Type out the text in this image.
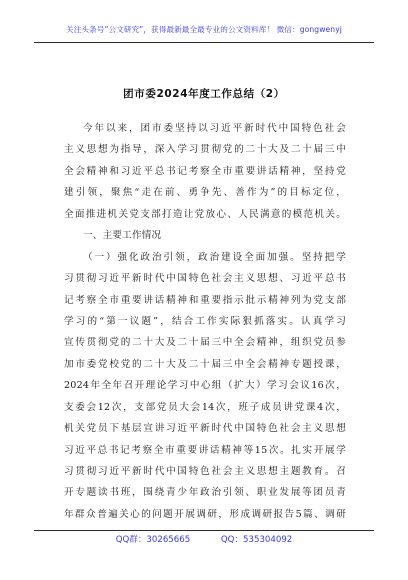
关注头条号“公文研究”，获得最新最全最专业的公文资料库！ 微信：gongwenyj
团市委2024年度工作总结（2）
今年以来，团市委坚持以习近平新时代中国特色社会
主义思想为指导，深入学习贯彻党的二十大及二十届三中
全会精神和习近平总书记考察全市重要讲话精神，坚持党
建引领，聚焦“走在前、勇争先、善作为”的目标定位，
全面推进机关党支部打造让党放心、人民满意的模范机关。
一、主要工作情况
（一）强化政治引领，政治建设全面加强。坚持把学
习贯彻习近平新时代中国特色社会主义思想、习近平总书
记考察全市重要讲话精神和重要指示批示精神列为党支部
学习的“第一议题”，结合工作实际狠抓落实。认真学习
宣传贯彻党的二十大及二十届三中全会精神，组织党员参
加市委党校党的二十大及二十届三中全会精神专题授课，
2024年全年召开理论学习中心组（扩大）学习会议16次，
支委会12次，支部党员大会14次，班子成员讲党课4次，
机关党员下基层宣讲习近平新时代中国特色社会主义思想
习近平总书记考察全市重要讲话精神等15次。扎实开展学
习贯彻习近平新时代中国特色社会主义思想主题教育。召
开专题读书班，围绕青少年政治引领、职业发展等团员青
年群众普遍关心的问题开展调研，形成调研报告5篇、调研
QQ群：30265665	QQ：535304092
